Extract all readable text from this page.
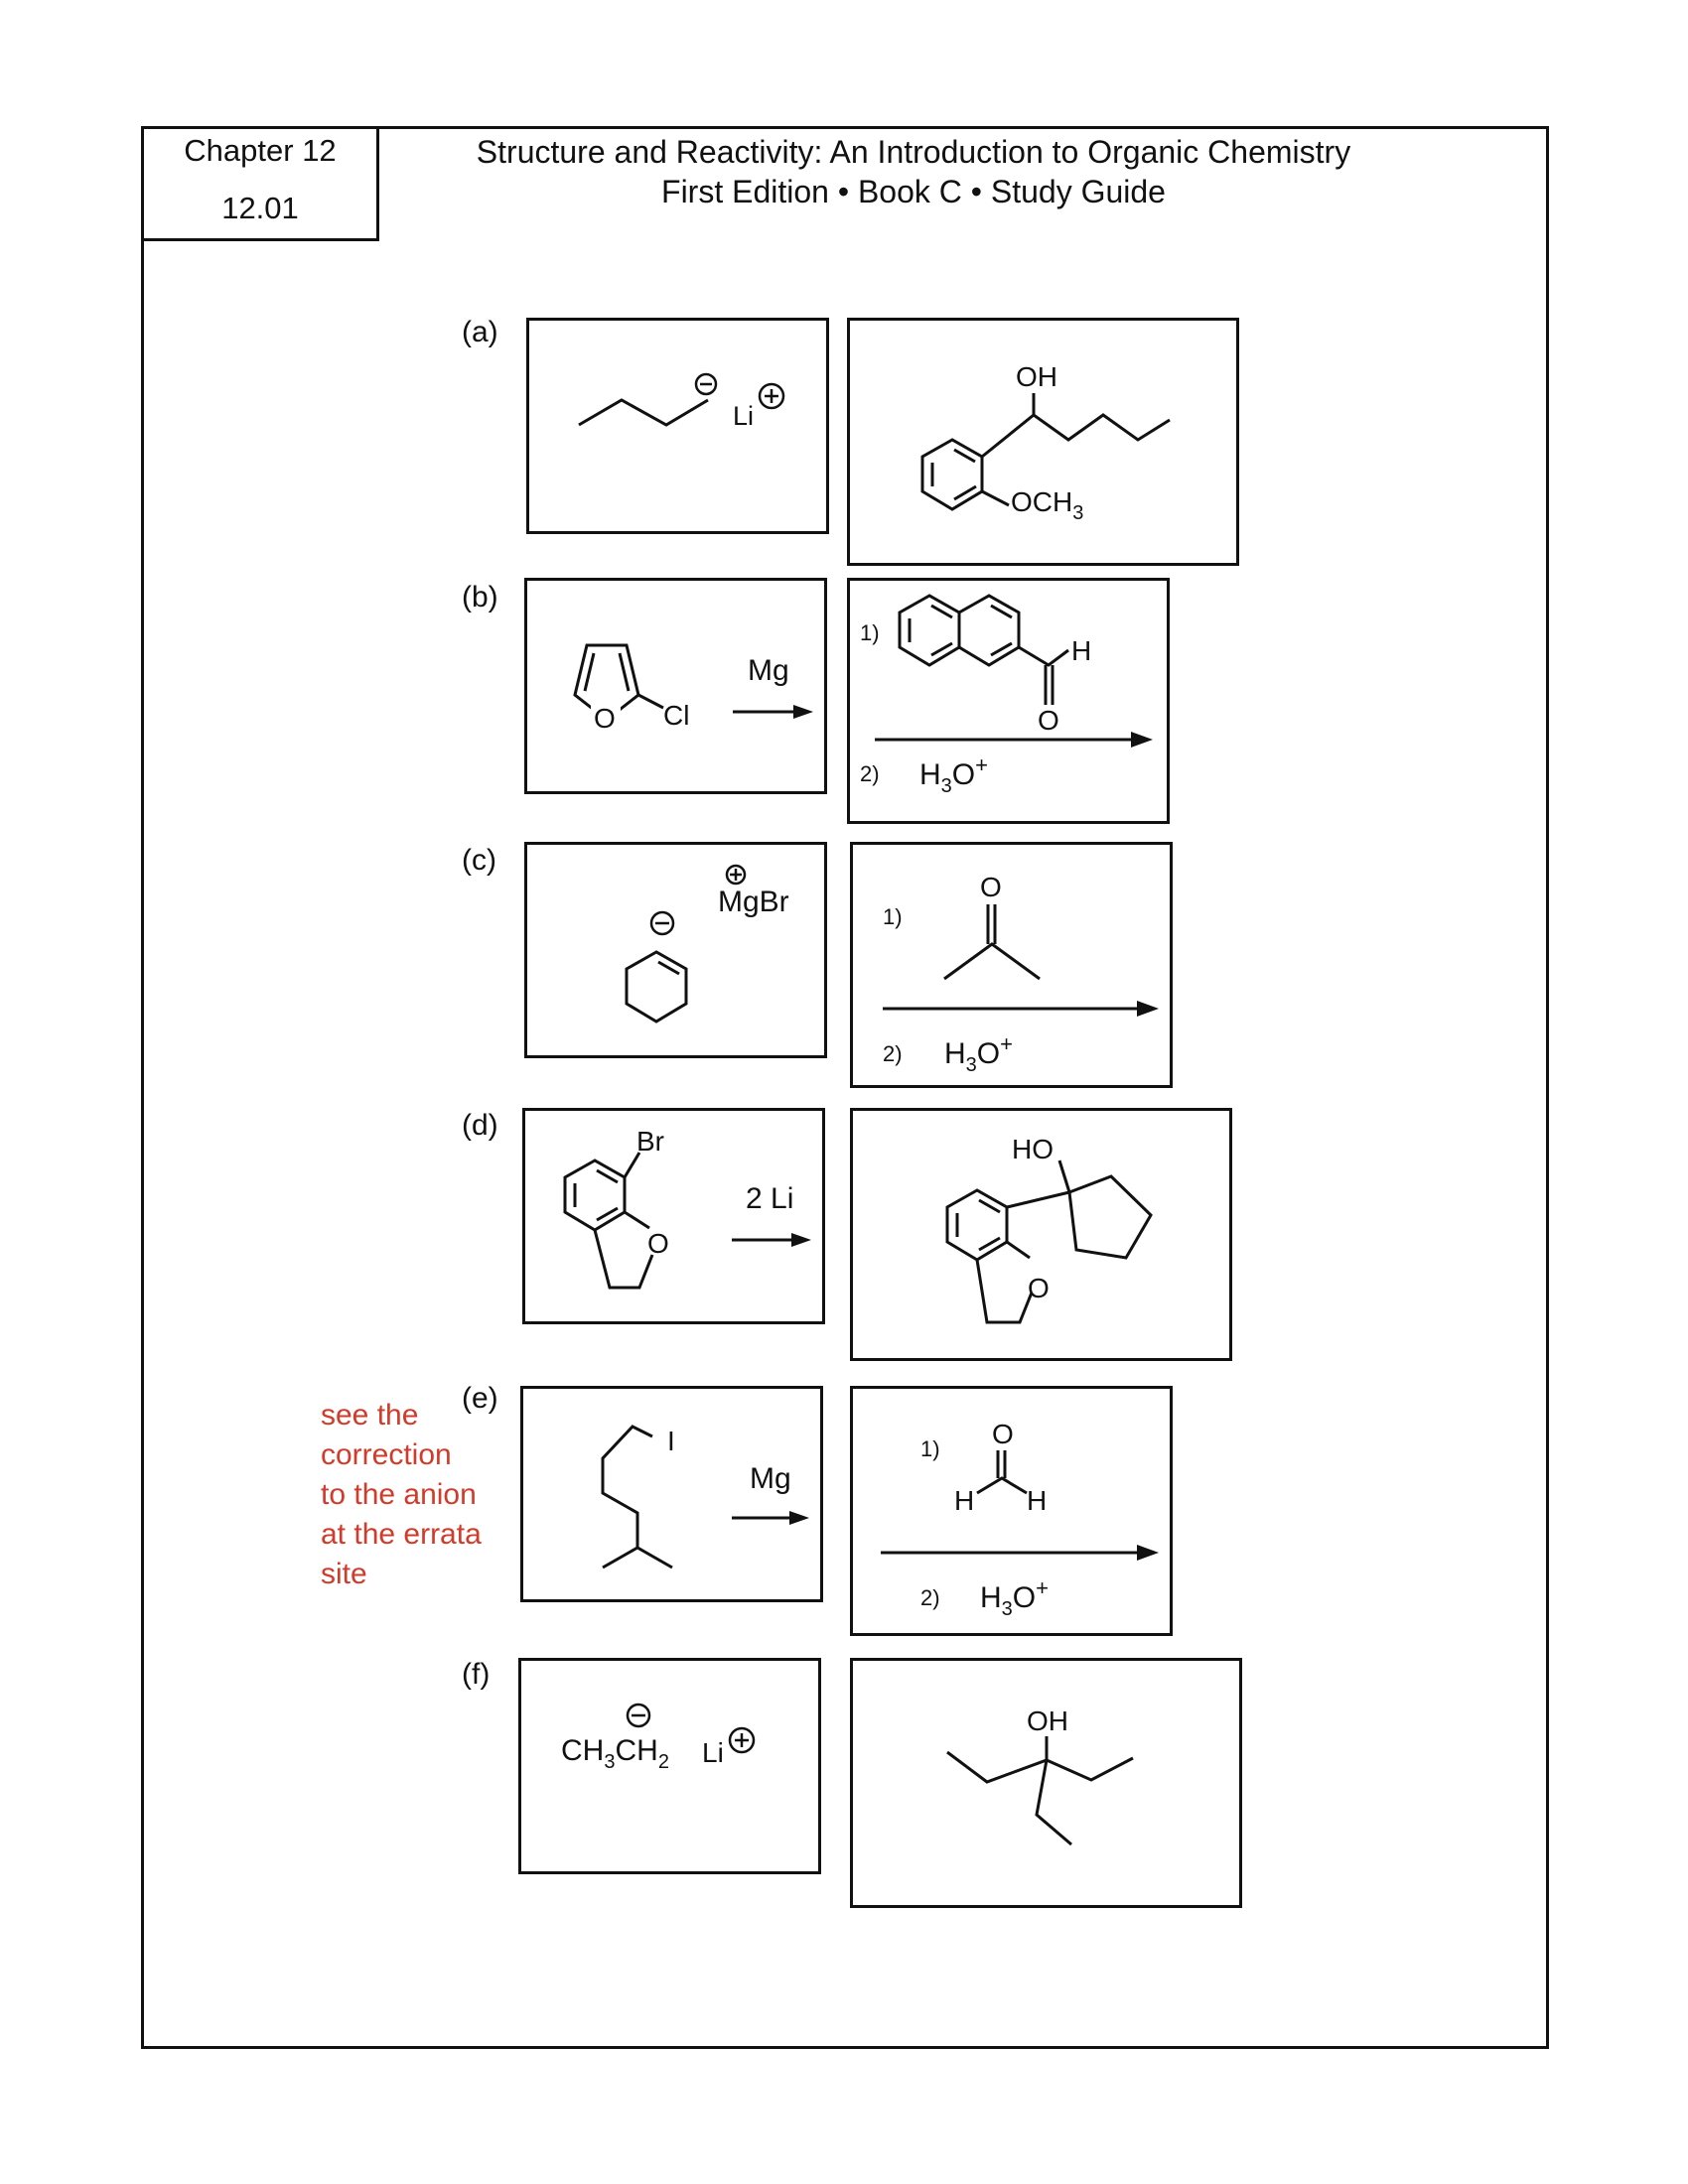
Chapter 12
12.01
Structure and Reactivity: An Introduction to Organic Chemistry
First Edition • Book C • Study Guide
(a)
(b)
(c)
(d)
(e)
(f)
see the
correction
to the anion
at the errata
site
Li
OH
$OCH_3$
O Cl
Mg
1)
H
O
2) $H_3O^+$
MgBr	1)
O
2) $H_3O^+$
Br
O
2 Li
O
HO
I
Mg
1) O
H H
2) $H_3O^+$
$CH_3CH_2$ Li
OH
